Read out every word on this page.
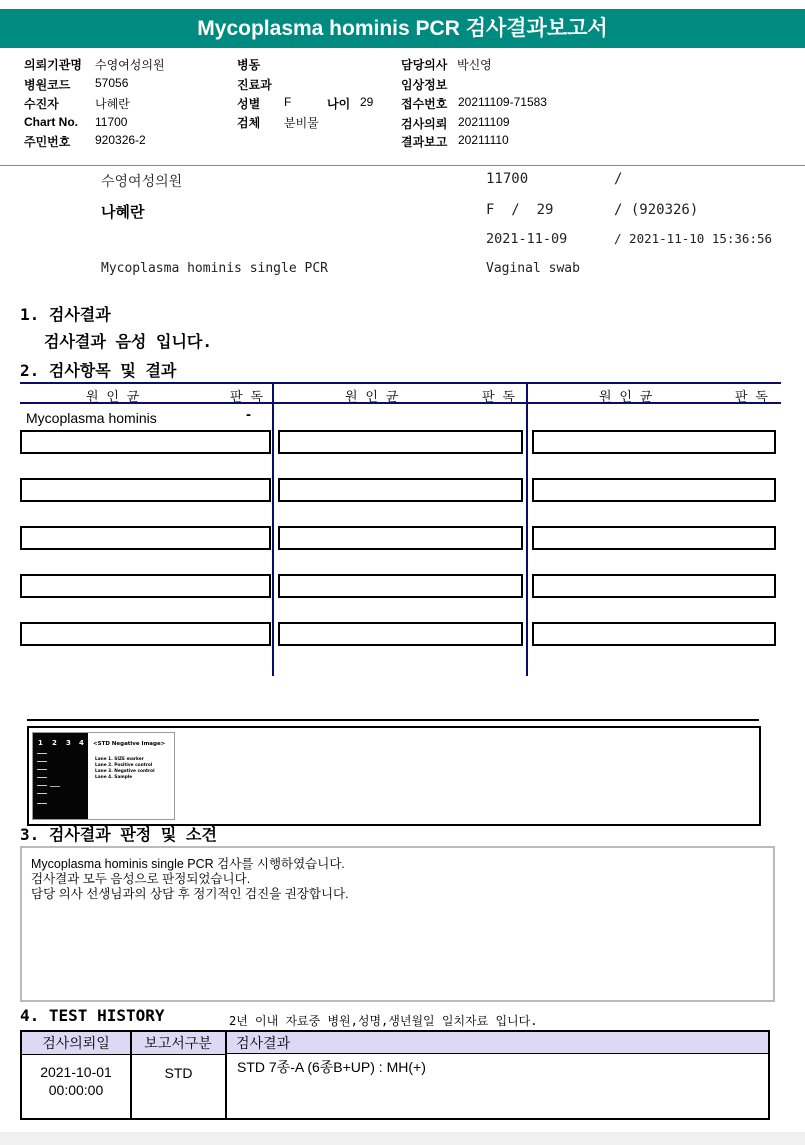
Mycoplasma hominis PCR 검사결과보고서
의뢰기관명 수영여성의원
병원코드 57056
수진자	나혜란
Chart No. 11700
주민번호 920326-2
병동
진료과
성별 F	나이 29
검체 분비물
담당의사 박신영
임상정보
접수번호 20211109-71583
검사의뢰 20211109
결과보고 20211110
수영여성의원	11700	/
나혜란	F  /  29	/ (920326)
2021-11-09	/ 2021-11-10 15:36:56
Mycoplasma hominis single PCR	Vaginal swab
1. 검사결과
검사결과 음성 입니다.
2. 검사항목 및 결과
원 인 균	판 독	원 인 균	판 독	원 인 균	판 독
Mycoplasma hominis	-
1 2 3 4 <STD Negative Image>
Lane 1. SIZE marker
Lane 2. Positive control
Lane 3. Negative control
Lane 4. Sample
3. 검사결과 판정 및 소견
Mycoplasma hominis single PCR 검사를 시행하였습니다.
검사결과 모두 음성으로 판정되었습니다.
담당 의사 선생님과의 상담 후 정기적인 검진을 권장합니다.
4. TEST HISTORY	2년 이내 자료중 병원,성명,생년월일 일치자료 입니다.
검사의뢰일	보고서구분	검사결과
2021-10-01
00:00:00
STD	STD 7종-A (6종B+UP) : MH(+)
